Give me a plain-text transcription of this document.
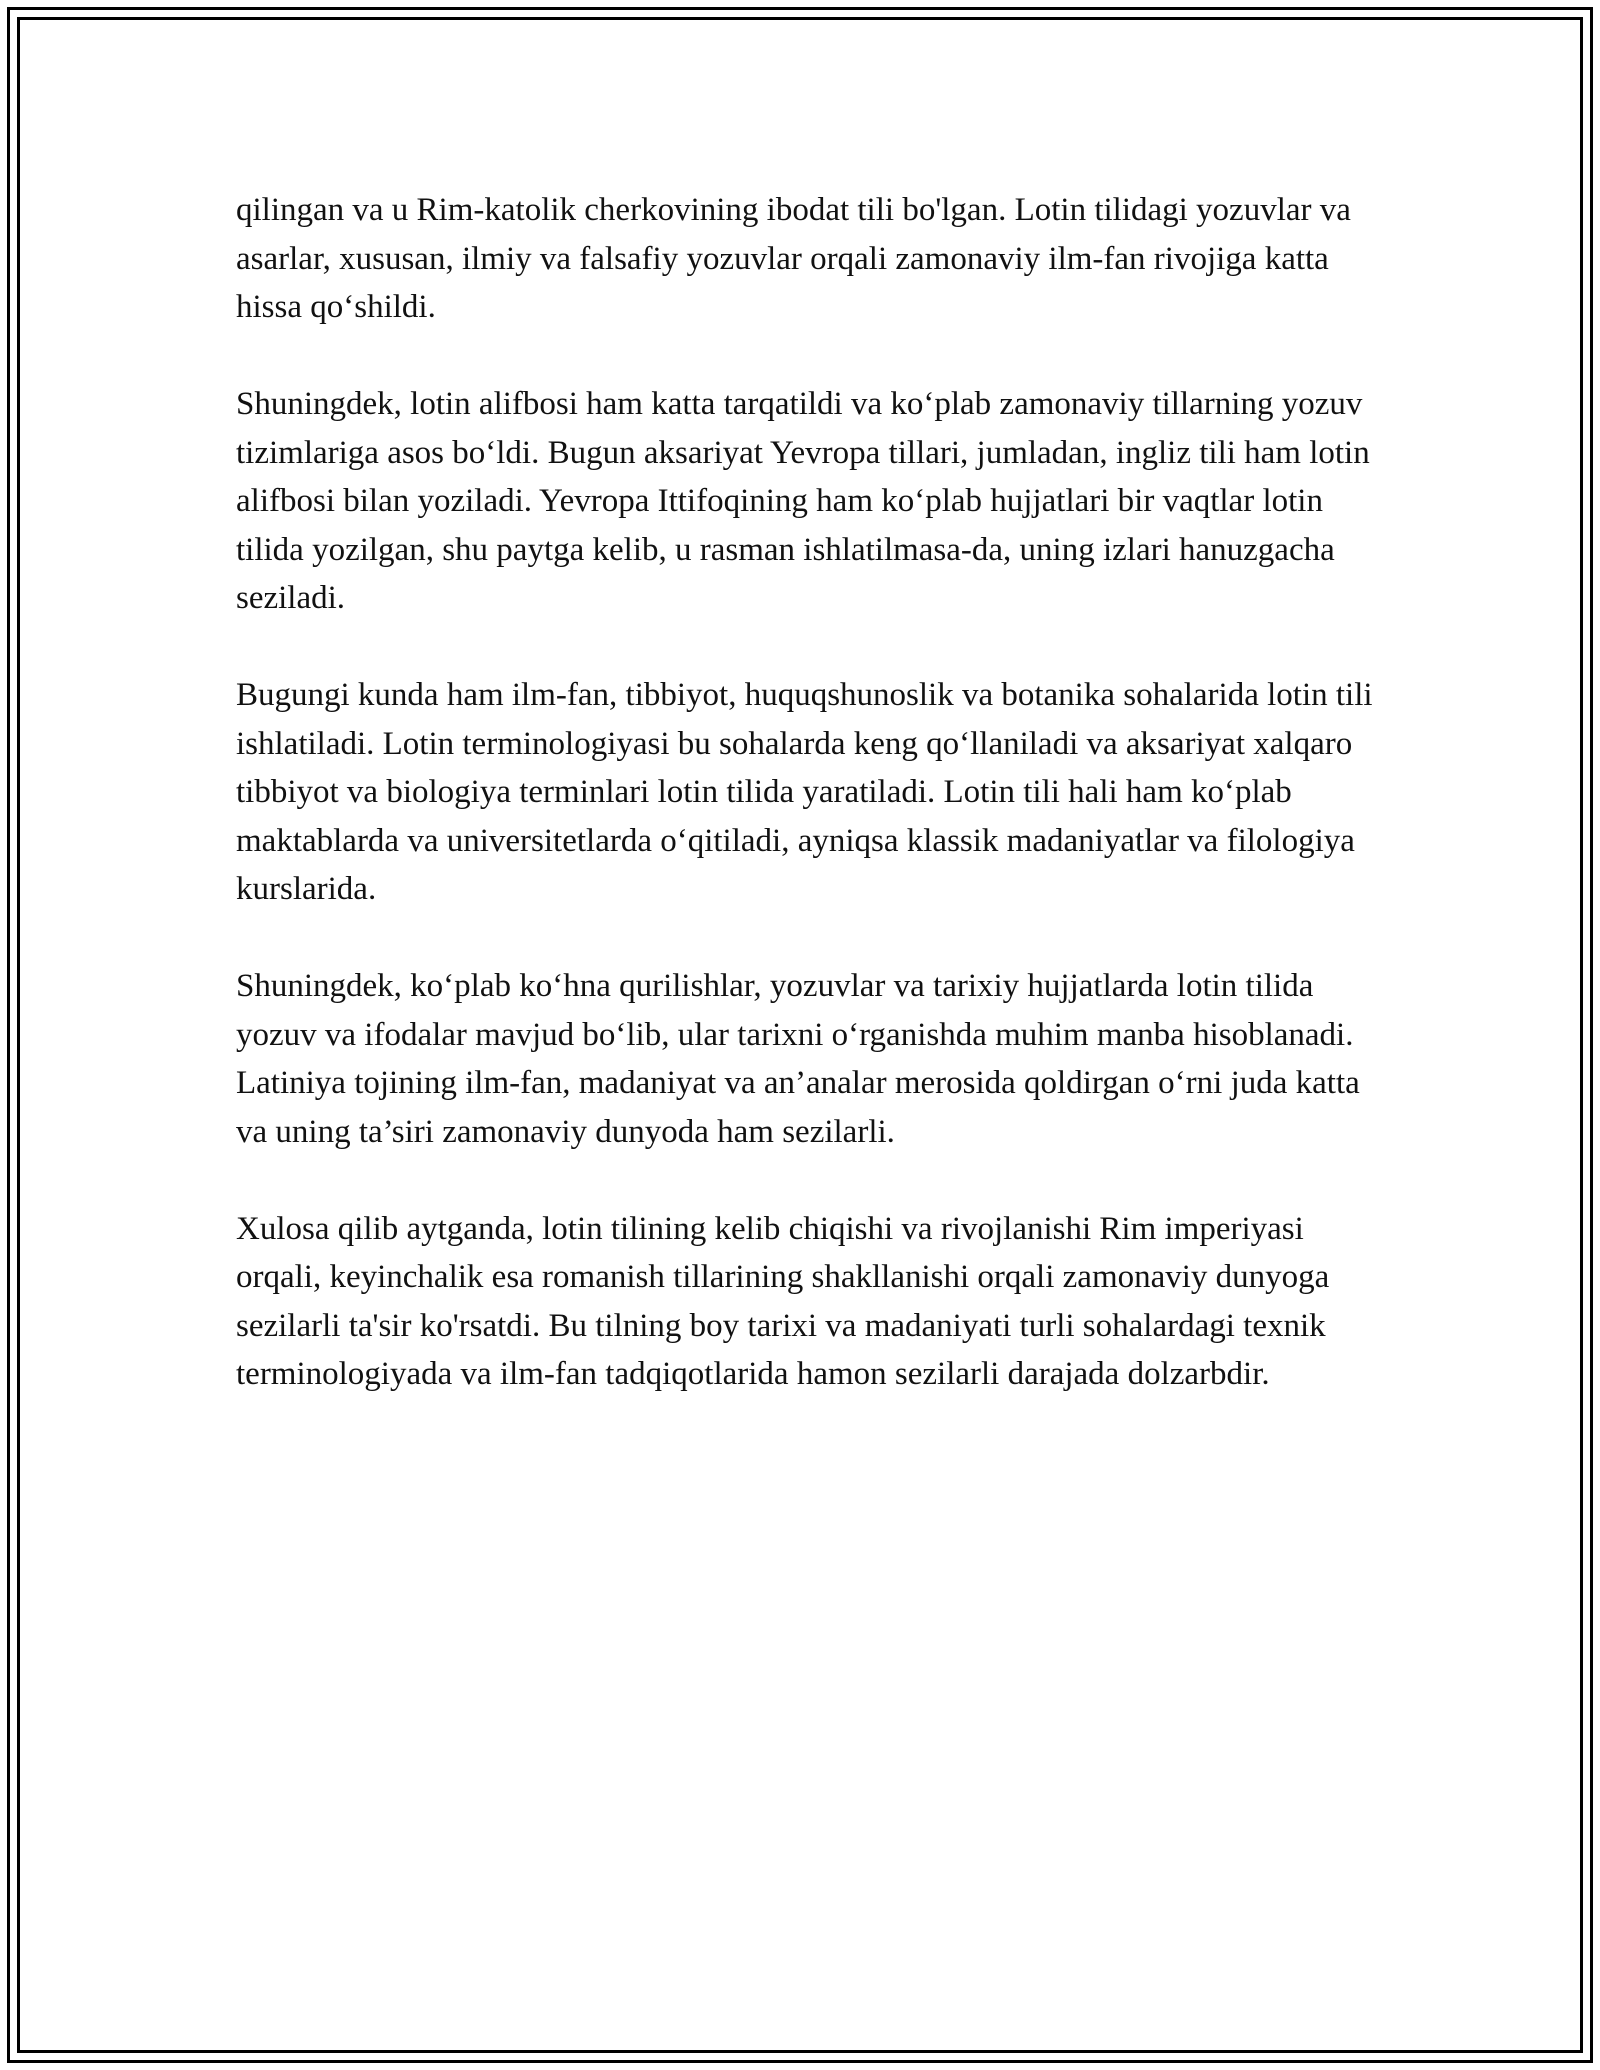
qilingan va u Rim-katolik cherkovining ibodat tili bo'lgan. Lotin tilidagi yozuvlar va asarlar, xususan, ilmiy va falsafiy yozuvlar orqali zamonaviy ilm-fan rivojiga katta hissa qo‘shildi.

Shuningdek, lotin alifbosi ham katta tarqatildi va ko‘plab zamonaviy tillarning yozuv tizimlariga asos bo‘ldi. Bugun aksariyat Yevropa tillari, jumladan, ingliz tili ham lotin alifbosi bilan yoziladi. Yevropa Ittifoqining ham ko‘plab hujjatlari bir vaqtlar lotin tilida yozilgan, shu paytga kelib, u rasman ishlatilmasa-da, uning izlari hanuzgacha seziladi.

Bugungi kunda ham ilm-fan, tibbiyot, huquqshunoslik va botanika sohalarida lotin tili ishlatiladi. Lotin terminologiyasi bu sohalarda keng qo‘llaniladi va aksariyat xalqaro tibbiyot va biologiya terminlari lotin tilida yaratiladi. Lotin tili hali ham ko‘plab maktablarda va universitetlarda o‘qitiladi, ayniqsa klassik madaniyatlar va filologiya kurslarida.

Shuningdek, ko‘plab ko‘hna qurilishlar, yozuvlar va tarixiy hujjatlarda lotin tilida yozuv va ifodalar mavjud bo‘lib, ular tarixni o‘rganishda muhim manba hisoblanadi. Latiniya tojining ilm-fan, madaniyat va an’analar merosida qoldirgan o‘rni juda katta va uning ta’siri zamonaviy dunyoda ham sezilarli.

Xulosa qilib aytganda, lotin tilining kelib chiqishi va rivojlanishi Rim imperiyasi orqali, keyinchalik esa romanish tillarining shakllanishi orqali zamonaviy dunyoga sezilarli ta'sir ko'rsatdi. Bu tilning boy tarixi va madaniyati turli sohalardagi texnik terminologiyada va ilm-fan tadqiqotlarida hamon sezilarli darajada dolzarbdir.
